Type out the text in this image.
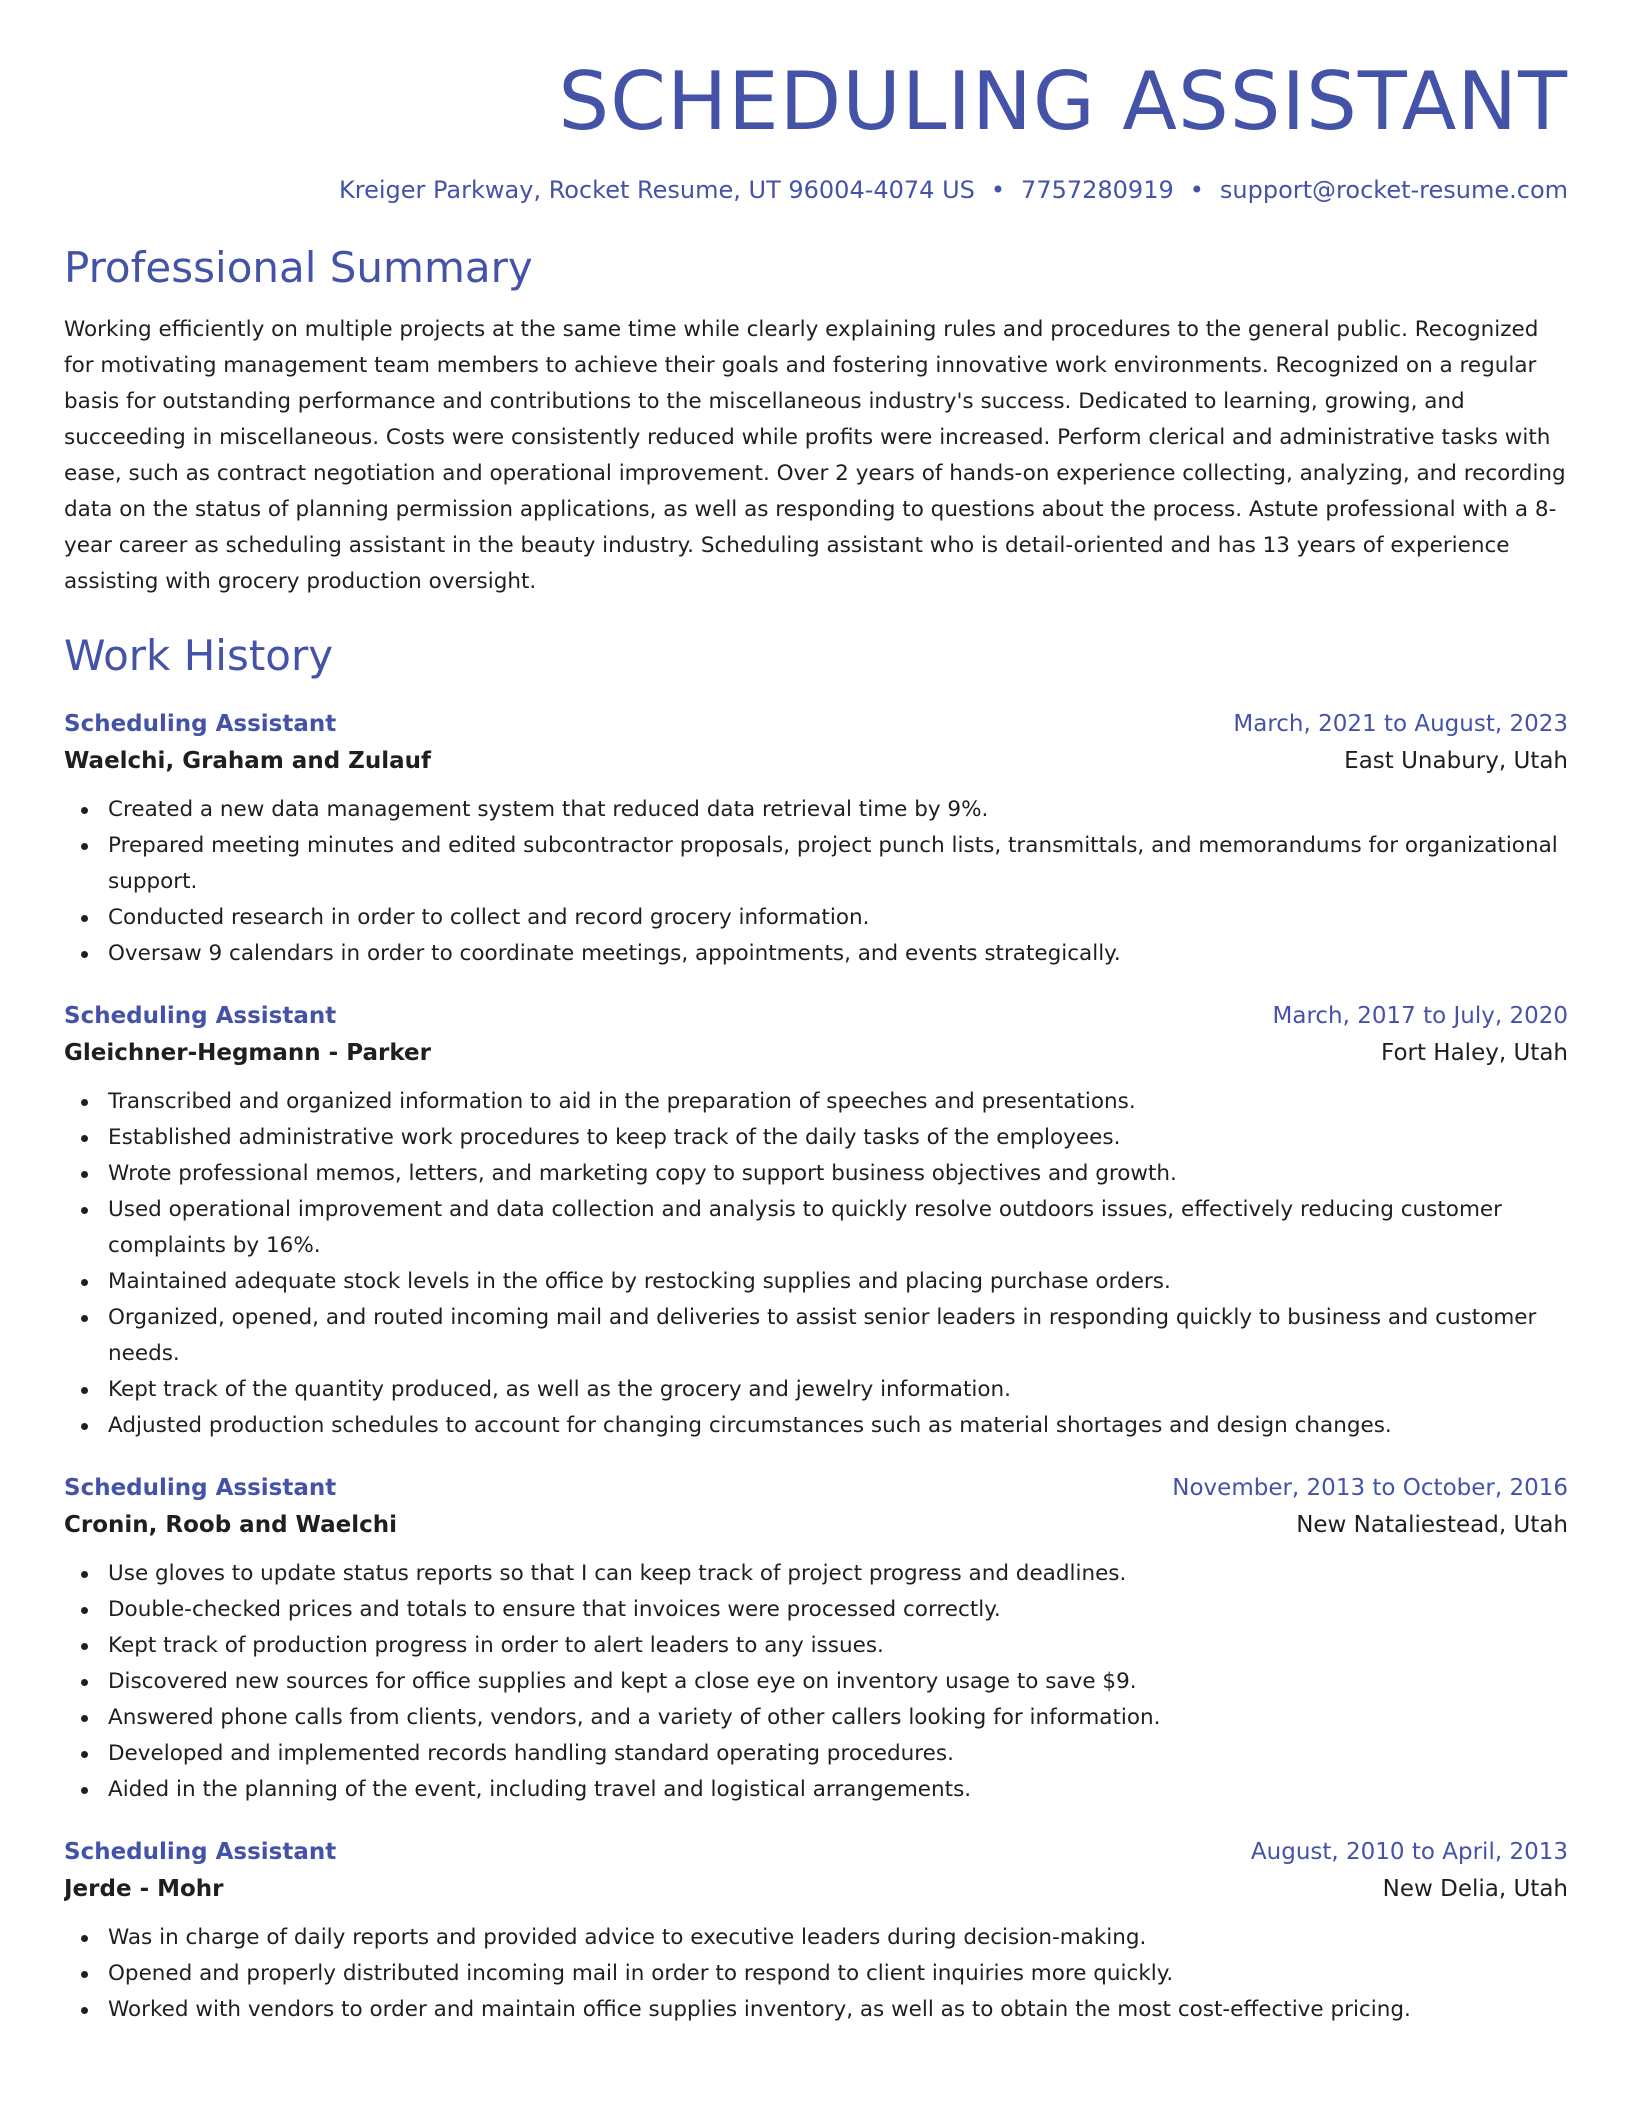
SCHEDULING ASSISTANT
Kreiger Parkway, Rocket Resume, UT 96004-4074 US • 7757280919 • support@rocket-resume.com
Professional Summary
Working efficiently on multiple projects at the same time while clearly explaining rules and procedures to the general public. Recognized for motivating management team members to achieve their goals and fostering innovative work environments. Recognized on a regular basis for outstanding performance and contributions to the miscellaneous industry's success. Dedicated to learning, growing, and succeeding in miscellaneous. Costs were consistently reduced while profits were increased. Perform clerical and administrative tasks with ease, such as contract negotiation and operational improvement. Over 2 years of hands-on experience collecting, analyzing, and recording data on the status of planning permission applications, as well as responding to questions about the process. Astute professional with a 8-year career as scheduling assistant in the beauty industry. Scheduling assistant who is detail-oriented and has 13 years of experience assisting with grocery production oversight.
Work History
Scheduling Assistant	March, 2021 to August, 2023
Waelchi, Graham and Zulauf	East Unabury, Utah
Created a new data management system that reduced data retrieval time by 9%.
Prepared meeting minutes and edited subcontractor proposals, project punch lists, transmittals, and memorandums for organizational support.
Conducted research in order to collect and record grocery information.
Oversaw 9 calendars in order to coordinate meetings, appointments, and events strategically.
Scheduling Assistant	March, 2017 to July, 2020
Gleichner-Hegmann - Parker	Fort Haley, Utah
Transcribed and organized information to aid in the preparation of speeches and presentations.
Established administrative work procedures to keep track of the daily tasks of the employees.
Wrote professional memos, letters, and marketing copy to support business objectives and growth.
Used operational improvement and data collection and analysis to quickly resolve outdoors issues, effectively reducing customer complaints by 16%.
Maintained adequate stock levels in the office by restocking supplies and placing purchase orders.
Organized, opened, and routed incoming mail and deliveries to assist senior leaders in responding quickly to business and customer needs.
Kept track of the quantity produced, as well as the grocery and jewelry information.
Adjusted production schedules to account for changing circumstances such as material shortages and design changes.
Scheduling Assistant	November, 2013 to October, 2016
Cronin, Roob and Waelchi	New Nataliestead, Utah
Use gloves to update status reports so that I can keep track of project progress and deadlines.
Double-checked prices and totals to ensure that invoices were processed correctly.
Kept track of production progress in order to alert leaders to any issues.
Discovered new sources for office supplies and kept a close eye on inventory usage to save $9.
Answered phone calls from clients, vendors, and a variety of other callers looking for information.
Developed and implemented records handling standard operating procedures.
Aided in the planning of the event, including travel and logistical arrangements.
Scheduling Assistant	August, 2010 to April, 2013
Jerde - Mohr	New Delia, Utah
Was in charge of daily reports and provided advice to executive leaders during decision-making.
Opened and properly distributed incoming mail in order to respond to client inquiries more quickly.
Worked with vendors to order and maintain office supplies inventory, as well as to obtain the most cost-effective pricing.
